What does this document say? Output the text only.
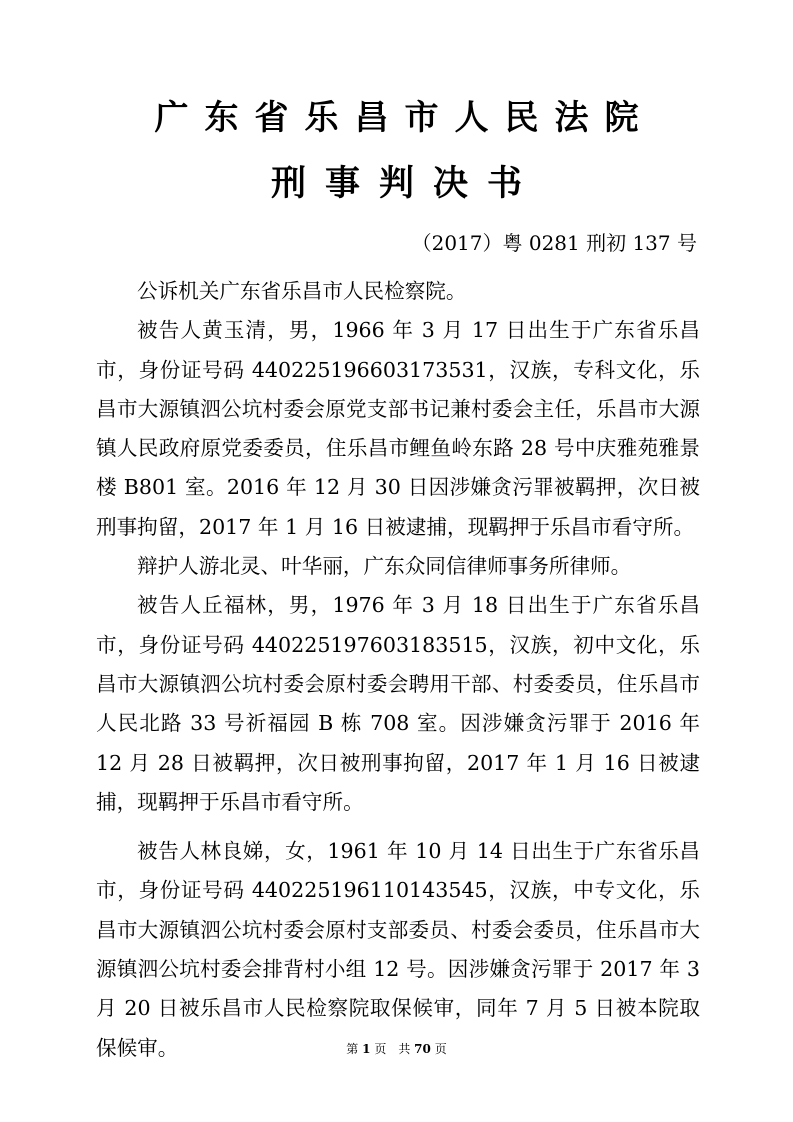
广东省乐昌市人民法院
刑事判决书
（2017）粤 0281 刑初 137 号

公诉机关广东省乐昌市人民检察院。

被告人黄玉清，男，1966 年 3 月 17 日出生于广东省乐昌市，身份证号码 440225196603173531，汉族，专科文化，乐昌市大源镇泗公坑村委会原党支部书记兼村委会主任，乐昌市大源镇人民政府原党委委员，住乐昌市鲤鱼岭东路 28 号中庆雅苑雅景楼 B801 室。2016 年 12 月 30 日因涉嫌贪污罪被羁押，次日被刑事拘留，2017 年 1 月 16 日被逮捕，现羁押于乐昌市看守所。

辩护人游北灵、叶华丽，广东众同信律师事务所律师。

被告人丘福林，男，1976 年 3 月 18 日出生于广东省乐昌市，身份证号码 440225197603183515，汉族，初中文化，乐昌市大源镇泗公坑村委会原村委会聘用干部、村委委员，住乐昌市人民北路 33 号祈福园 B 栋 708 室。因涉嫌贪污罪于 2016 年 12 月 28 日被羁押，次日被刑事拘留，2017 年 1 月 16 日被逮捕，现羁押于乐昌市看守所。

被告人林良娣，女，1961 年 10 月 14 日出生于广东省乐昌市，身份证号码 440225196110143545，汉族，中专文化，乐昌市大源镇泗公坑村委会原村支部委员、村委会委员，住乐昌市大源镇泗公坑村委会排背村小组 12 号。因涉嫌贪污罪于 2017 年 3 月 20 日被乐昌市人民检察院取保候审，同年 7 月 5 日被本院取保候审。	第 1 页　共 70 页
